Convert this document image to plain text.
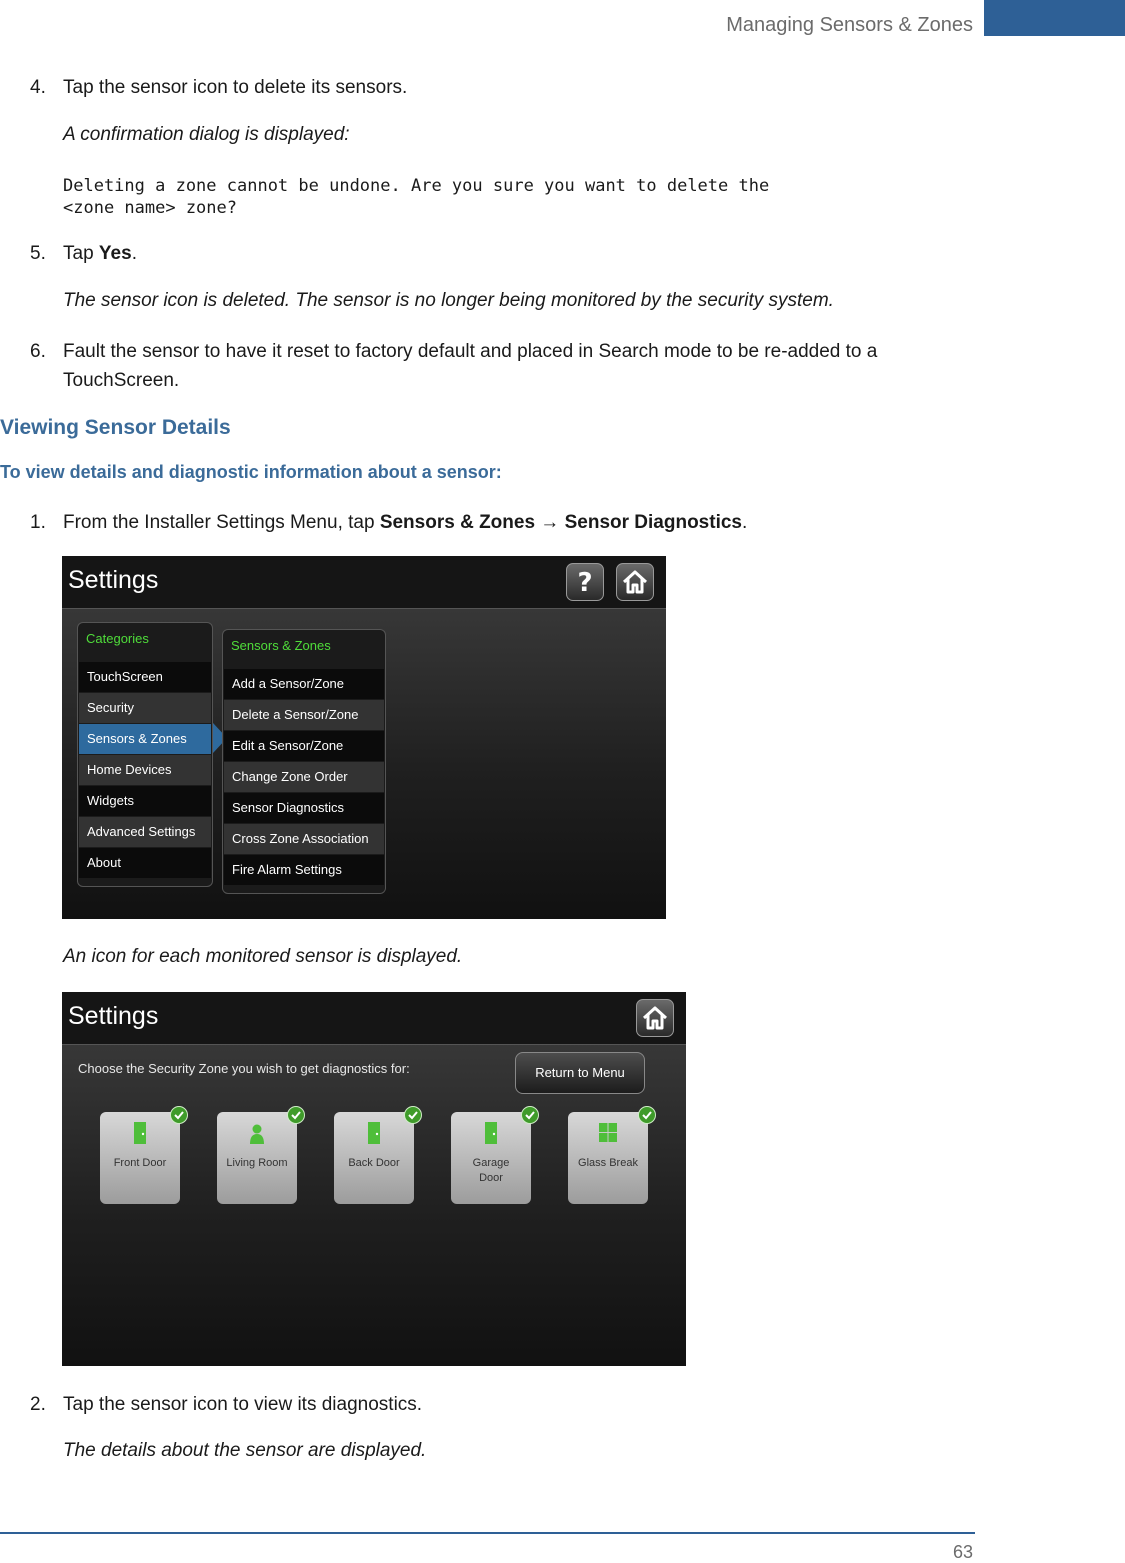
Managing Sensors & Zones
4. Tap the sensor icon to delete its sensors.
A confirmation dialog is displayed:
Deleting a zone cannot be undone. Are you sure you want to delete the
<zone name> zone?
5. Tap Yes.
The sensor icon is deleted. The sensor is no longer being monitored by the security system.
6. Fault the sensor to have it reset to factory default and placed in Search mode to be re-added to a
TouchScreen.
Viewing Sensor Details
To view details and diagnostic information about a sensor:
1. From the Installer Settings Menu, tap Sensors & Zones → Sensor Diagnostics.
Settings	?
Categories
TouchScreen
Security
Sensors & Zones
Home Devices
Widgets
Advanced Settings
About
Sensors & Zones
Add a Sensor/Zone
Delete a Sensor/Zone
Edit a Sensor/Zone
Change Zone Order
Sensor Diagnostics
Cross Zone Association
Fire Alarm Settings
An icon for each monitored sensor is displayed.
Settings
Choose the Security Zone you wish to get diagnostics for:	Return to Menu
Front Door	Living Room	Back Door	Garage Door
Glass Break
2. Tap the sensor icon to view its diagnostics.
The details about the sensor are displayed.
63
